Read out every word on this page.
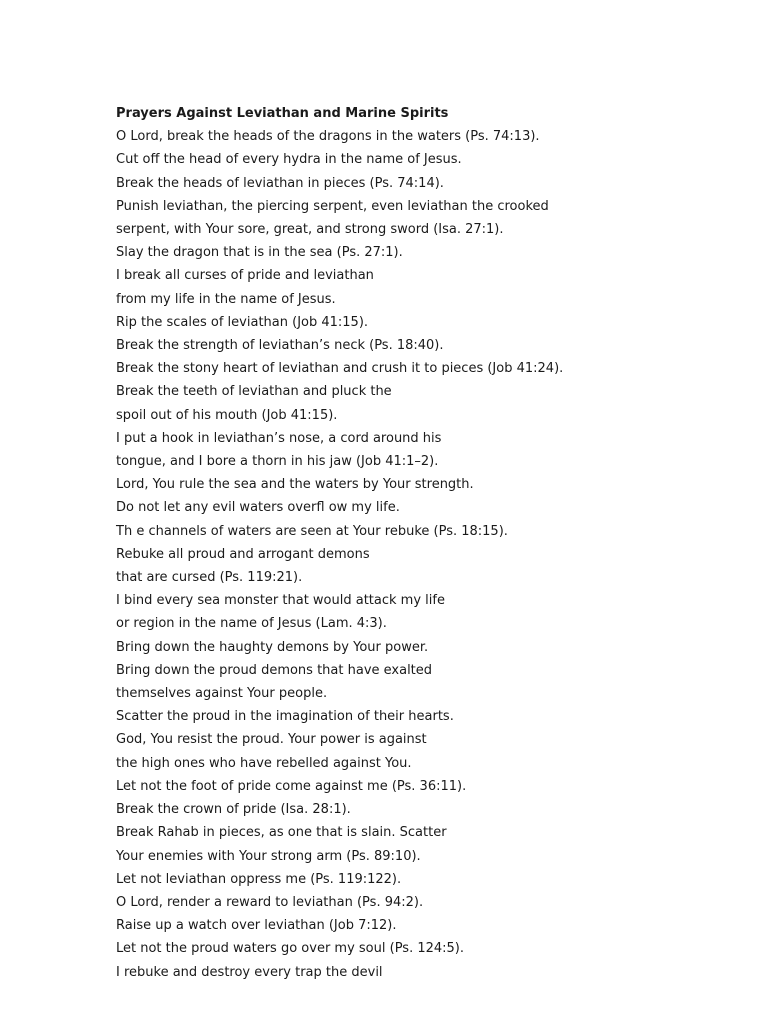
Prayers Against Leviathan and Marine Spirits

O Lord, break the heads of the dragons in the waters (Ps. 74:13).

Cut off the head of every hydra in the name of Jesus.

Break the heads of leviathan in pieces (Ps. 74:14).

Punish leviathan, the piercing serpent, even leviathan the crooked

serpent, with Your sore, great, and strong sword (Isa. 27:1).

Slay the dragon that is in the sea (Ps. 27:1).

I break all curses of pride and leviathan

from my life in the name of Jesus.

Rip the scales of leviathan (Job 41:15).

Break the strength of leviathan’s neck (Ps. 18:40).

Break the stony heart of leviathan and crush it to pieces (Job 41:24).

Break the teeth of leviathan and pluck the

spoil out of his mouth (Job 41:15).

I put a hook in leviathan’s nose, a cord around his

tongue, and I bore a thorn in his jaw (Job 41:1–2).

Lord, You rule the sea and the waters by Your strength.

Do not let any evil waters overfl ow my life.

Th e channels of waters are seen at Your rebuke (Ps. 18:15).

Rebuke all proud and arrogant demons

that are cursed (Ps. 119:21).

I bind every sea monster that would attack my life

or region in the name of Jesus (Lam. 4:3).

Bring down the haughty demons by Your power.

Bring down the proud demons that have exalted

themselves against Your people.

Scatter the proud in the imagination of their hearts.

God, You resist the proud. Your power is against

the high ones who have rebelled against You.

Let not the foot of pride come against me (Ps. 36:11).

Break the crown of pride (Isa. 28:1).

Break Rahab in pieces, as one that is slain. Scatter

Your enemies with Your strong arm (Ps. 89:10).

Let not leviathan oppress me (Ps. 119:122).

O Lord, render a reward to leviathan (Ps. 94:2).

Raise up a watch over leviathan (Job 7:12).

Let not the proud waters go over my soul (Ps. 124:5).

I rebuke and destroy every trap the devil
